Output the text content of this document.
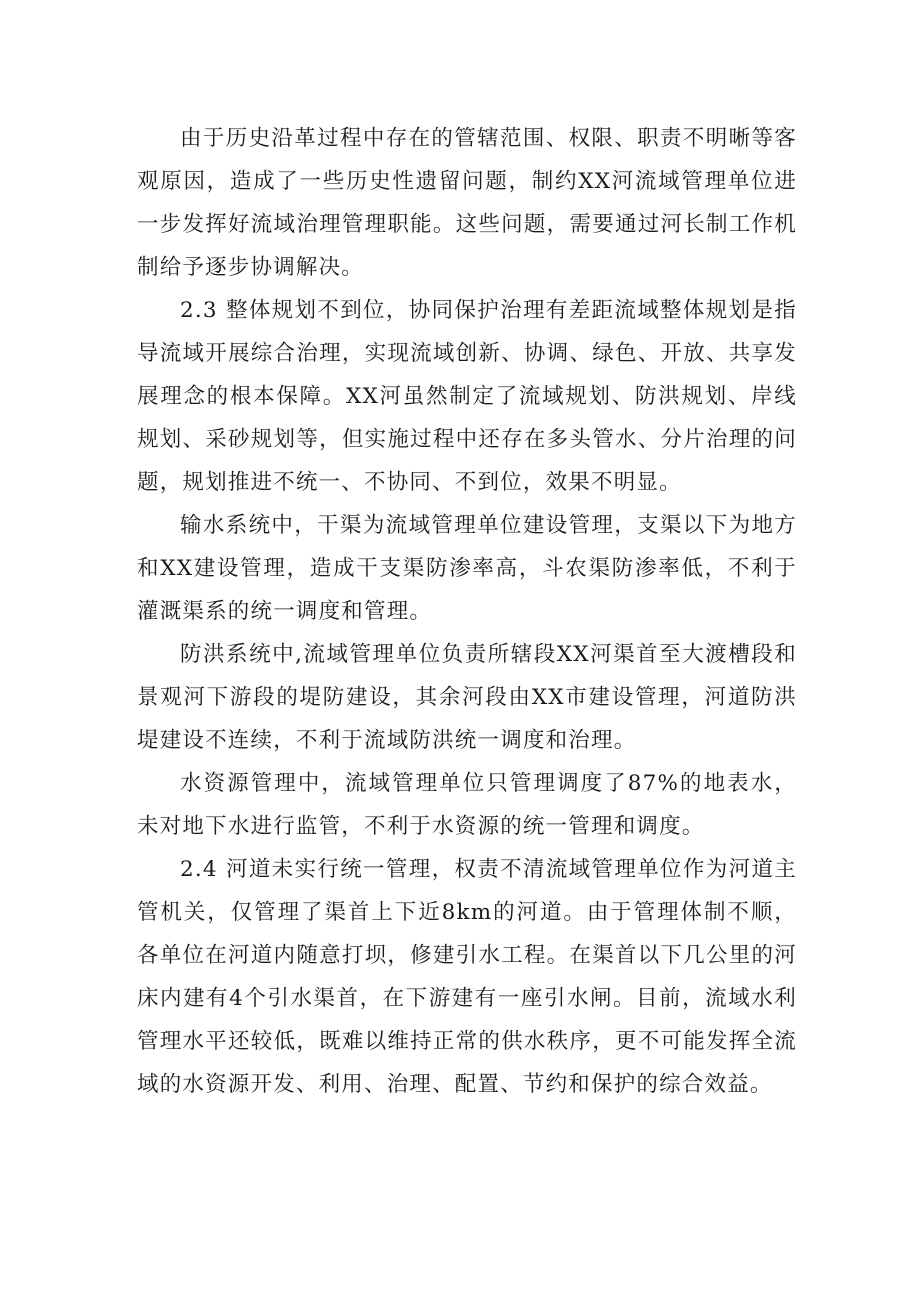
由于历史沿革过程中存在的管辖范围、权限、职责不明晰等客观原因，造成了一些历史性遗留问题，制约XX河流域管理单位进一步发挥好流域治理管理职能。这些问题，需要通过河长制工作机制给予逐步协调解决。

2.3 整体规划不到位，协同保护治理有差距流域整体规划是指导流域开展综合治理，实现流域创新、协调、绿色、开放、共享发展理念的根本保障。XX河虽然制定了流域规划、防洪规划、岸线规划、采砂规划等，但实施过程中还存在多头管水、分片治理的问题，规划推进不统一、不协同、不到位，效果不明显。

输水系统中，干渠为流域管理单位建设管理，支渠以下为地方和XX建设管理，造成干支渠防渗率高，斗农渠防渗率低，不利于灌溉渠系的统一调度和管理。

防洪系统中,流域管理单位负责所辖段XX河渠首至大渡槽段和景观河下游段的堤防建设，其余河段由XX市建设管理，河道防洪堤建设不连续，不利于流域防洪统一调度和治理。

水资源管理中，流域管理单位只管理调度了87%的地表水，未对地下水进行监管，不利于水资源的统一管理和调度。

2.4 河道未实行统一管理，权责不清流域管理单位作为河道主管机关，仅管理了渠首上下近8km的河道。由于管理体制不顺，各单位在河道内随意打坝，修建引水工程。在渠首以下几公里的河床内建有4个引水渠首，在下游建有一座引水闸。目前，流域水利管理水平还较低，既难以维持正常的供水秩序，更不可能发挥全流域的水资源开发、利用、治理、配置、节约和保护的综合效益。
